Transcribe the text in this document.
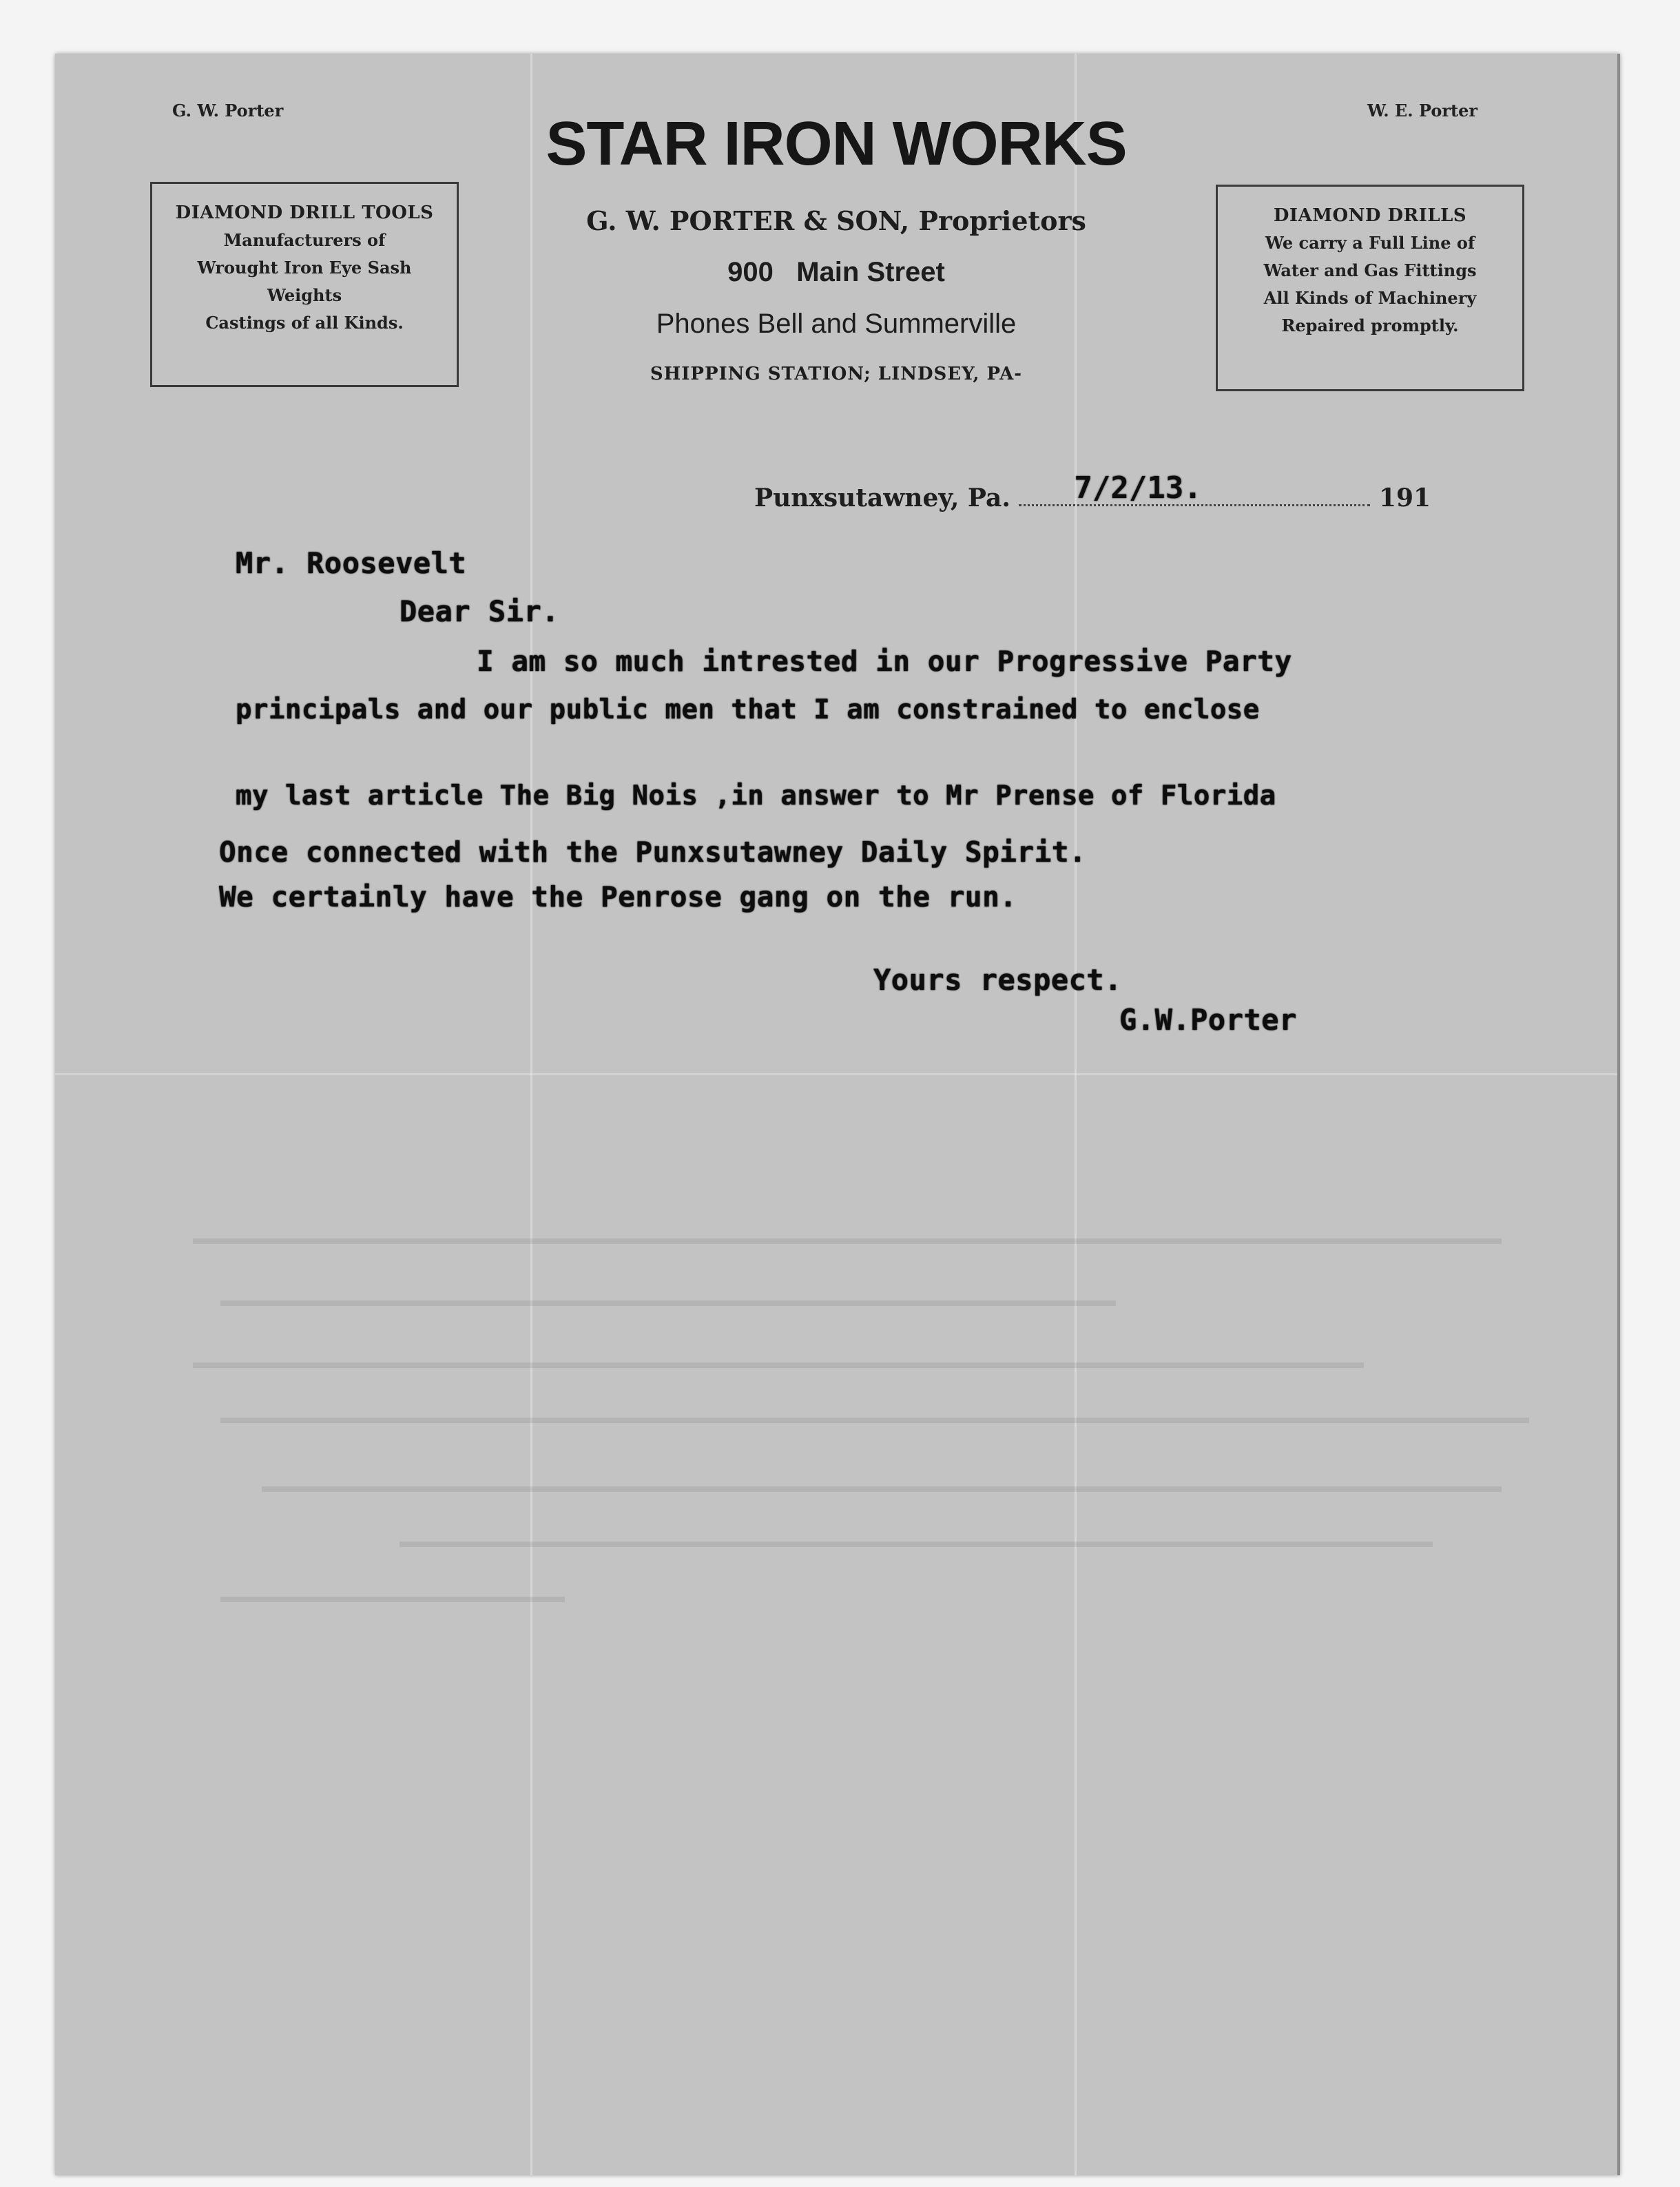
G. W. Porter	W. E. Porter
STAR IRON WORKS
G. W. PORTER & SON, Proprietors
900   Main Street
Phones Bell and Summerville
SHIPPING STATION; LINDSEY, PA-
DIAMOND DRILL TOOLS
Manufacturers of
Wrought Iron Eye Sash
Weights
Castings of all Kinds.
DIAMOND DRILLS
We carry a Full Line of
Water and Gas Fittings
All Kinds of Machinery
Repaired promptly.
Punxsutawney, Pa. 7/2/13.	191
Mr. Roosevelt
Dear Sir.
I am so much intrested in our Progressive Party
principals and our public men that I am constrained to enclose
my last article The Big Nois ,in answer to Mr Prense of Florida
Once connected with the Punxsutawney Daily Spirit.
We certainly have the Penrose gang on the run.
Yours respect.
G.W.Porter
